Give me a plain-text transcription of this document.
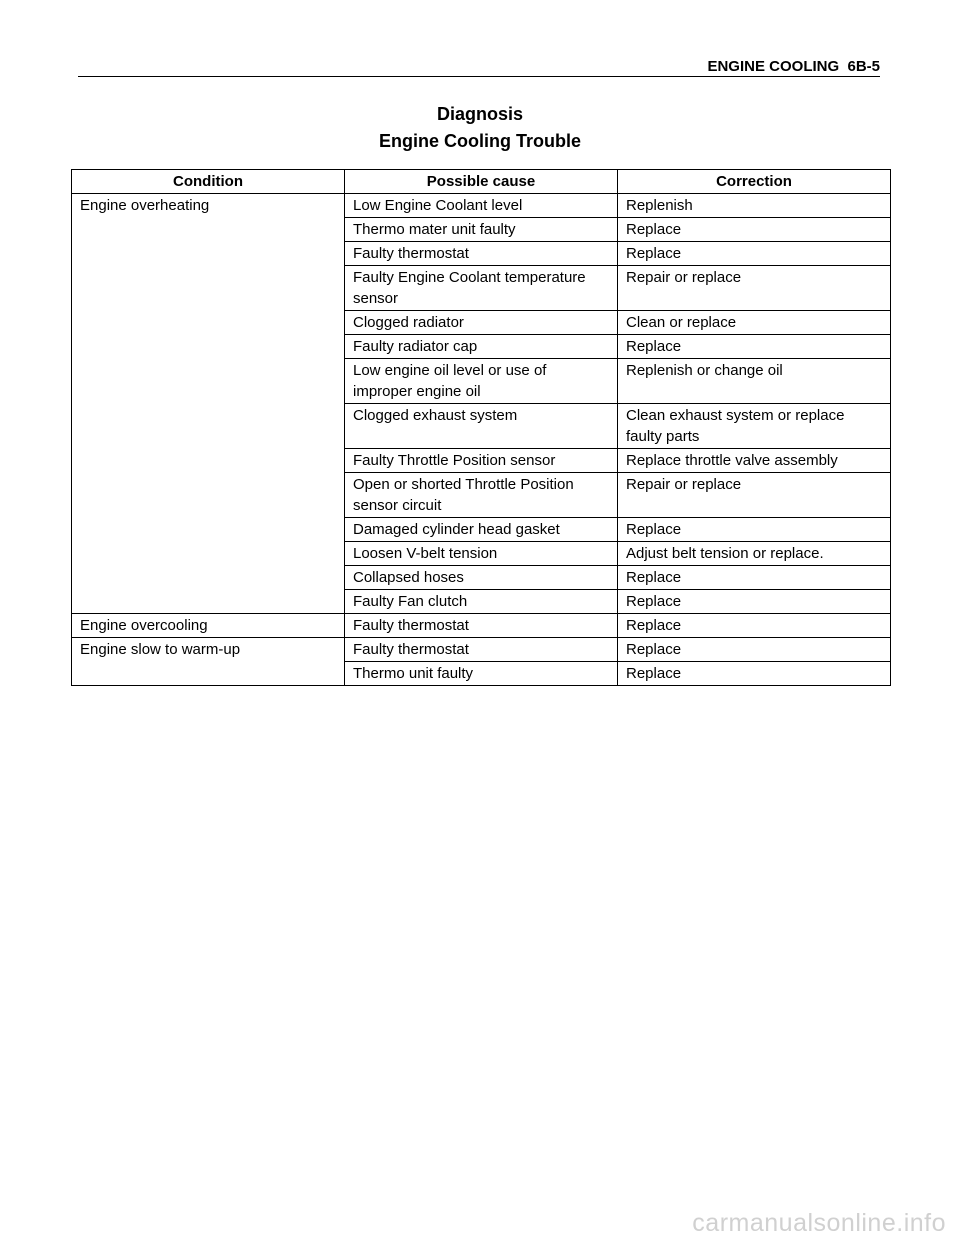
ENGINE COOLING  6B-5
Diagnosis
Engine Cooling Trouble
Condition	Possible cause	Correction
Engine overheating	Low Engine Coolant level	Replenish
	Thermo mater unit faulty	Replace
	Faulty thermostat	Replace
	Faulty Engine Coolant temperature sensor	Repair or replace
	Clogged radiator	Clean or replace
	Faulty radiator cap	Replace
	Low engine oil level or use of improper engine oil	Replenish or change oil
	Clogged exhaust system	Clean exhaust system or replace faulty parts
	Faulty Throttle Position sensor	Replace throttle valve assembly
	Open or shorted Throttle Position sensor circuit	Repair or replace
	Damaged cylinder head gasket	Replace
	Loosen V-belt tension	Adjust belt tension or replace.
	Collapsed hoses	Replace
	Faulty Fan clutch	Replace
Engine overcooling	Faulty thermostat	Replace
Engine slow to warm-up	Faulty thermostat	Replace
	Thermo unit faulty	Replace
carmanualsonline.info
